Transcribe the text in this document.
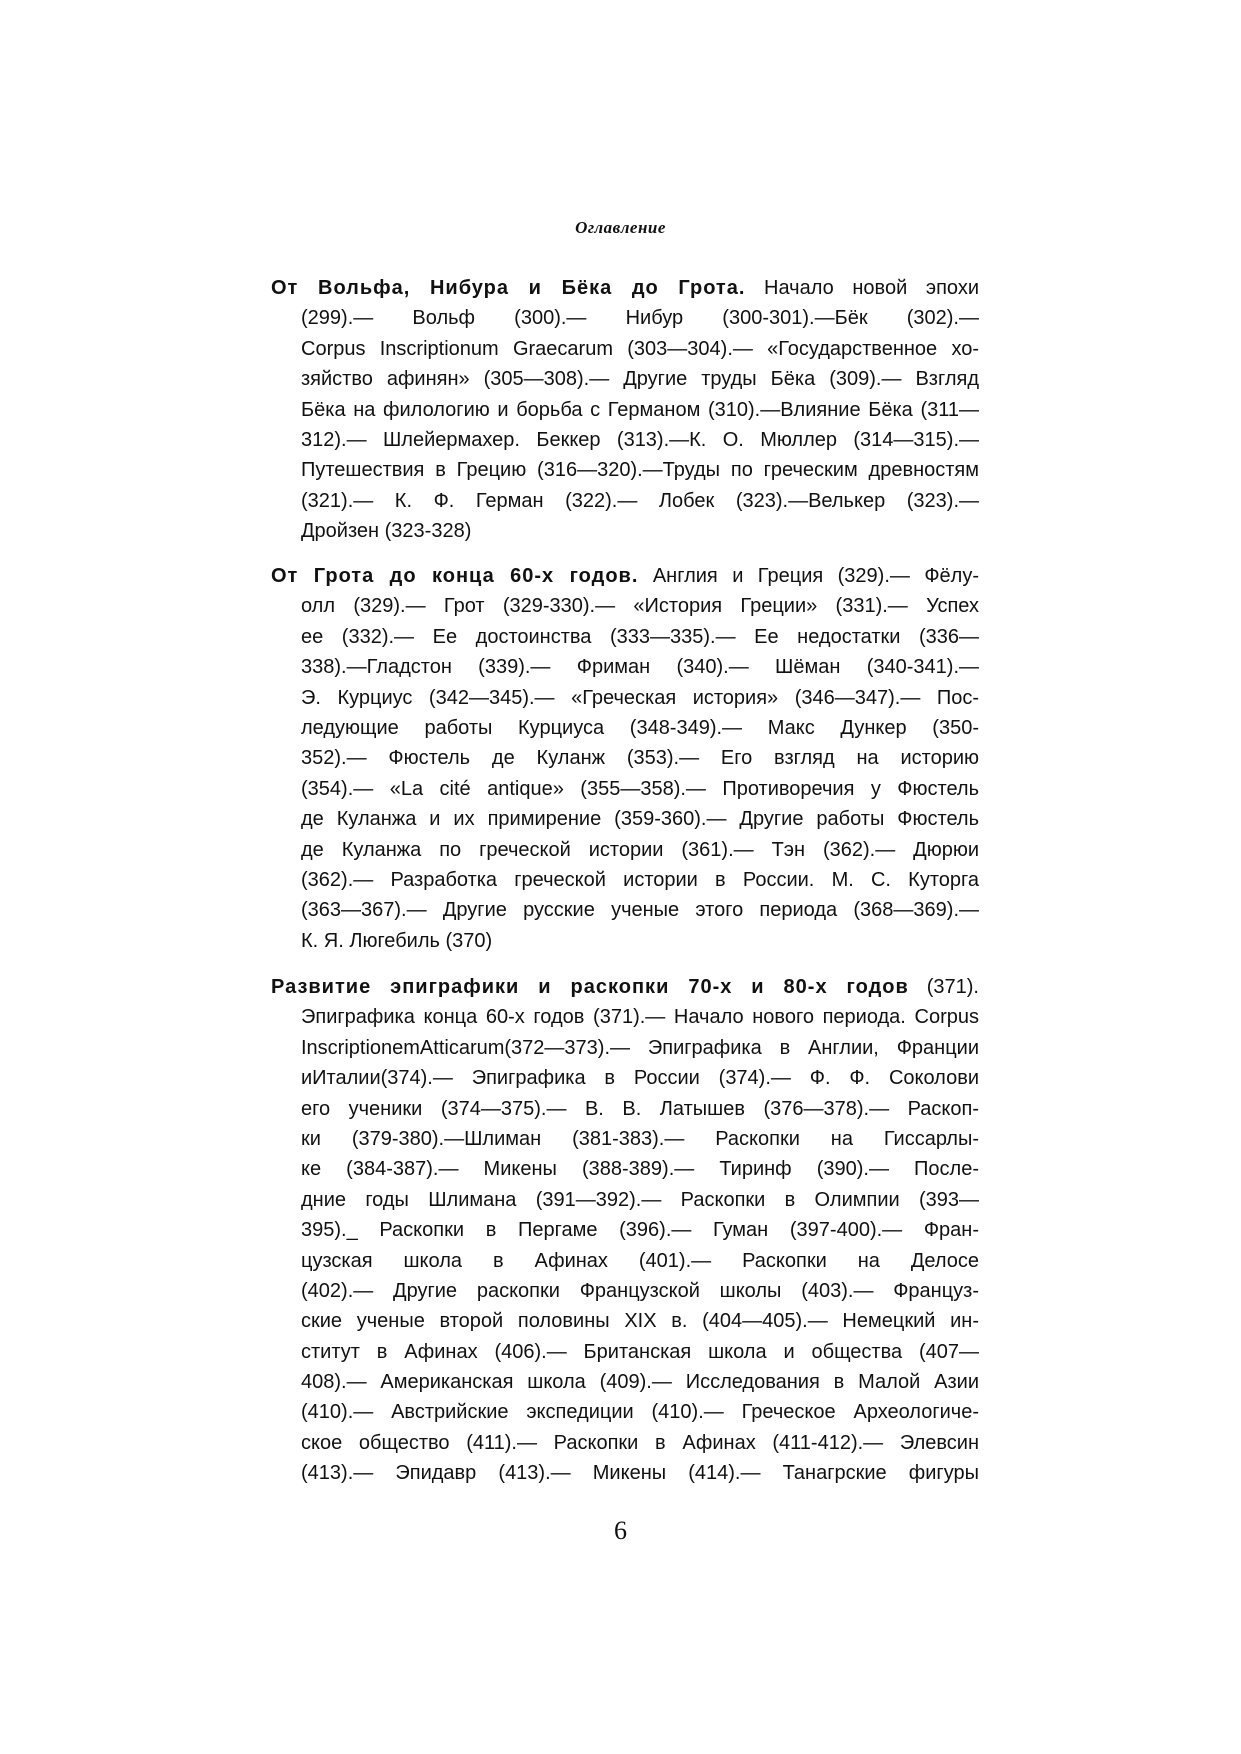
Оглавление
От Вольфа, Нибура и Бёка до Грота. Начало новой эпохи
(299).— Вольф (300).— Нибур (300-301).—Бёк (302).—
Corpus Inscriptionum Graecarum (303—304).— «Государственное хо-
зяйство афинян» (305—308).— Другие труды Бёка (309).— Взгляд
Бёка на филологию и борьба с Германом (310).—Влияние Бёка (311—
312).— Шлейермахер. Беккер (313).—К. О. Мюллер (314—315).—
Путешествия в Грецию (316—320).—Труды по греческим древностям
(321).— К. Ф. Герман (322).— Лобек (323).—Велькер (323).—
Дройзен (323-328)
От Грота до конца 60-х годов. Англия и Греция (329).— Фёлу-
олл (329).— Грот (329-330).— «История Греции» (331).— Успех
ее (332).— Ее достоинства (333—335).— Ее недостатки (336—
338).—Гладстон (339).— Фриман (340).— Шёман (340-341).—
Э. Курциус (342—345).— «Греческая история» (346—347).— Пос-
ледующие работы Курциуса (348-349).— Макс Дункер (350-
352).— Фюстель де Куланж (353).— Его взгляд на историю
(354).— «La cité antique» (355—358).— Противоречия у Фюстель
де Куланжа и их примирение (359-360).— Другие работы Фюстель
де Куланжа по греческой истории (361).— Тэн (362).— Дюрюи
(362).— Разработка греческой истории в России. М. С. Куторга
(363—367).— Другие русские ученые этого периода (368—369).—
К. Я. Люгебиль (370)
Развитие эпиграфики и раскопки 70-х и 80-х годов (371).
Эпиграфика конца 60-х годов (371).— Начало нового периода. Corpus
InscriptionemAtticarum(372—373).— Эпиграфика в Англии, Франции
иИталии(374).— Эпиграфика в России (374).— Ф. Ф. Соколови
его ученики (374—375).— В. В. Латышев (376—378).— Раскоп-
ки (379-380).—Шлиман (381-383).— Раскопки на Гиссарлы-
ке (384-387).— Микены (388-389).— Тиринф (390).— После-
дние годы Шлимана (391—392).— Раскопки в Олимпии (393—
395)._ Раскопки в Пергаме (396).— Гуман (397-400).— Фран-
цузская школа в Афинах (401).— Раскопки на Делосе
(402).— Другие раскопки Французской школы (403).— Француз-
ские ученые второй половины XIX в. (404—405).— Немецкий ин-
ститут в Афинах (406).— Британская школа и общества (407—
408).— Американская школа (409).— Исследования в Малой Азии
(410).— Австрийские экспедиции (410).— Греческое Археологиче-
ское общество (411).— Раскопки в Афинах (411-412).— Элевсин
(413).— Эпидавр (413).— Микены (414).— Танагрские фигуры
6
